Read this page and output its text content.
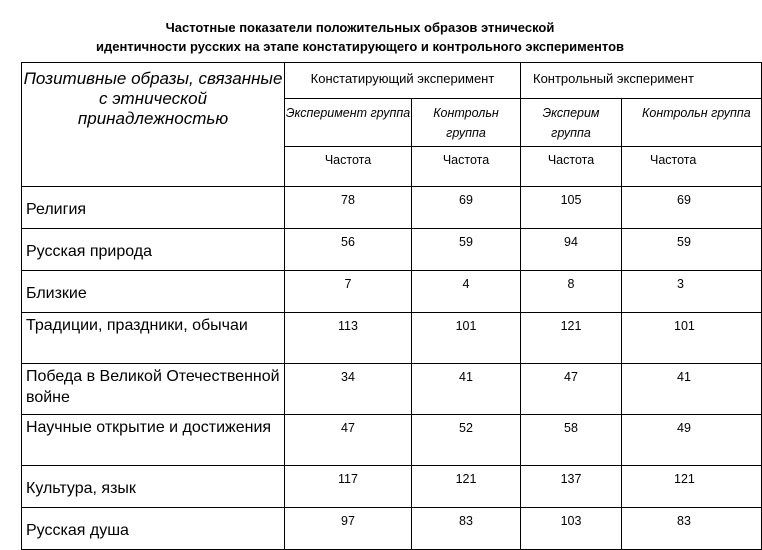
Частотные показатели положительных образов этнической
идентичности русских на этапе констатирующего и контрольного экспериментов
Позитивные образы, связанные с этнической принадлежностью	Констатирующий эксперимент		Контрольный эксперимент	
	Эксперимент группа	Контрольн группа	Эксперим группа	Контрольн группа
	Частота	Частота	Частота	Частота
Религия	78	69	105	69
Русская природа	56	59	94	59
Близкие	7	4	8	3
Традиции, праздники, обычаи	113	101	121	101
Победа в Великой Отечественной войне	34	41	47	41
Научные открытие и достижения	47	52	58	49
Культура, язык	117	121	137	121
Русская душа	97	83	103	83
